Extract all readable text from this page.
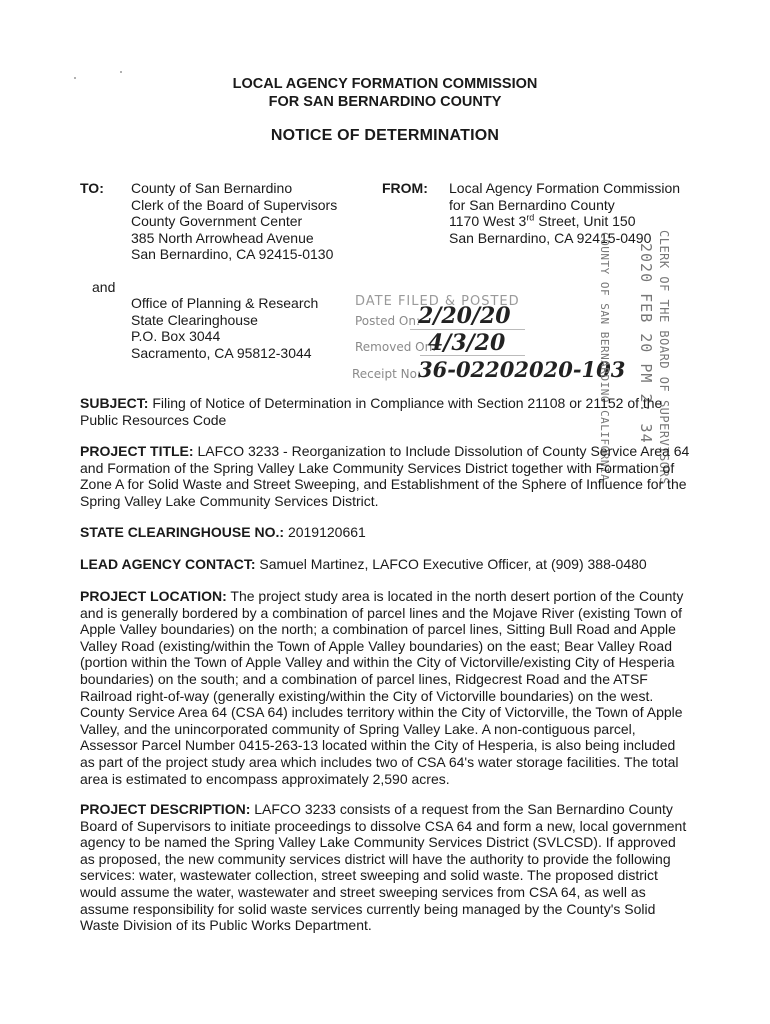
LOCAL AGENCY FORMATION COMMISSION
FOR SAN BERNARDINO COUNTY
NOTICE OF DETERMINATION
TO: County of San Bernardino
Clerk of the Board of Supervisors
County Government Center
385 North Arrowhead Avenue
San Bernardino, CA 92415-0130
and
Office of Planning & Research
State Clearinghouse
P.O. Box 3044
Sacramento, CA 95812-3044
FROM: Local Agency Formation Commission
for San Bernardino County
1170 West 3rd Street, Unit 150
San Bernardino, CA 92415-0490
DATE FILED & POSTED
Posted On:
2/20/20
Removed On:
4/3/20
Receipt No:
36-02202020-103	CLERK OF THE BOARD OF SUPERVISORS
2020 FEB 20 PM 2: 34
COUNTY OF SAN BERNARDINO CALIFORNIA
SUBJECT: Filing of Notice of Determination in Compliance with Section 21108 or 21152 of the Public Resources Code
PROJECT TITLE: LAFCO 3233 - Reorganization to Include Dissolution of County Service Area 64 and Formation of the Spring Valley Lake Community Services District together with Formation of Zone A for Solid Waste and Street Sweeping, and Establishment of the Sphere of Influence for the Spring Valley Lake Community Services District.
STATE CLEARINGHOUSE NO.: 2019120661
LEAD AGENCY CONTACT: Samuel Martinez, LAFCO Executive Officer, at (909) 388-0480
PROJECT LOCATION: The project study area is located in the north desert portion of the County and is generally bordered by a combination of parcel lines and the Mojave River (existing Town of Apple Valley boundaries) on the north; a combination of parcel lines, Sitting Bull Road and Apple Valley Road (existing/within the Town of Apple Valley boundaries) on the east; Bear Valley Road (portion within the Town of Apple Valley and within the City of Victorville/existing City of Hesperia boundaries) on the south; and a combination of parcel lines, Ridgecrest Road and the ATSF Railroad right-of-way (generally existing/within the City of Victorville boundaries) on the west. County Service Area 64 (CSA 64) includes territory within the City of Victorville, the Town of Apple Valley, and the unincorporated community of Spring Valley Lake. A non-contiguous parcel, Assessor Parcel Number 0415-263-13 located within the City of Hesperia, is also being included as part of the project study area which includes two of CSA 64's water storage facilities. The total area is estimated to encompass approximately 2,590 acres.
PROJECT DESCRIPTION: LAFCO 3233 consists of a request from the San Bernardino County Board of Supervisors to initiate proceedings to dissolve CSA 64 and form a new, local government agency to be named the Spring Valley Lake Community Services District (SVLCSD). If approved as proposed, the new community services district will have the authority to provide the following services: water, wastewater collection, street sweeping and solid waste. The proposed district would assume the water, wastewater and street sweeping services from CSA 64, as well as assume responsibility for solid waste services currently being managed by the County's Solid Waste Division of its Public Works Department.
